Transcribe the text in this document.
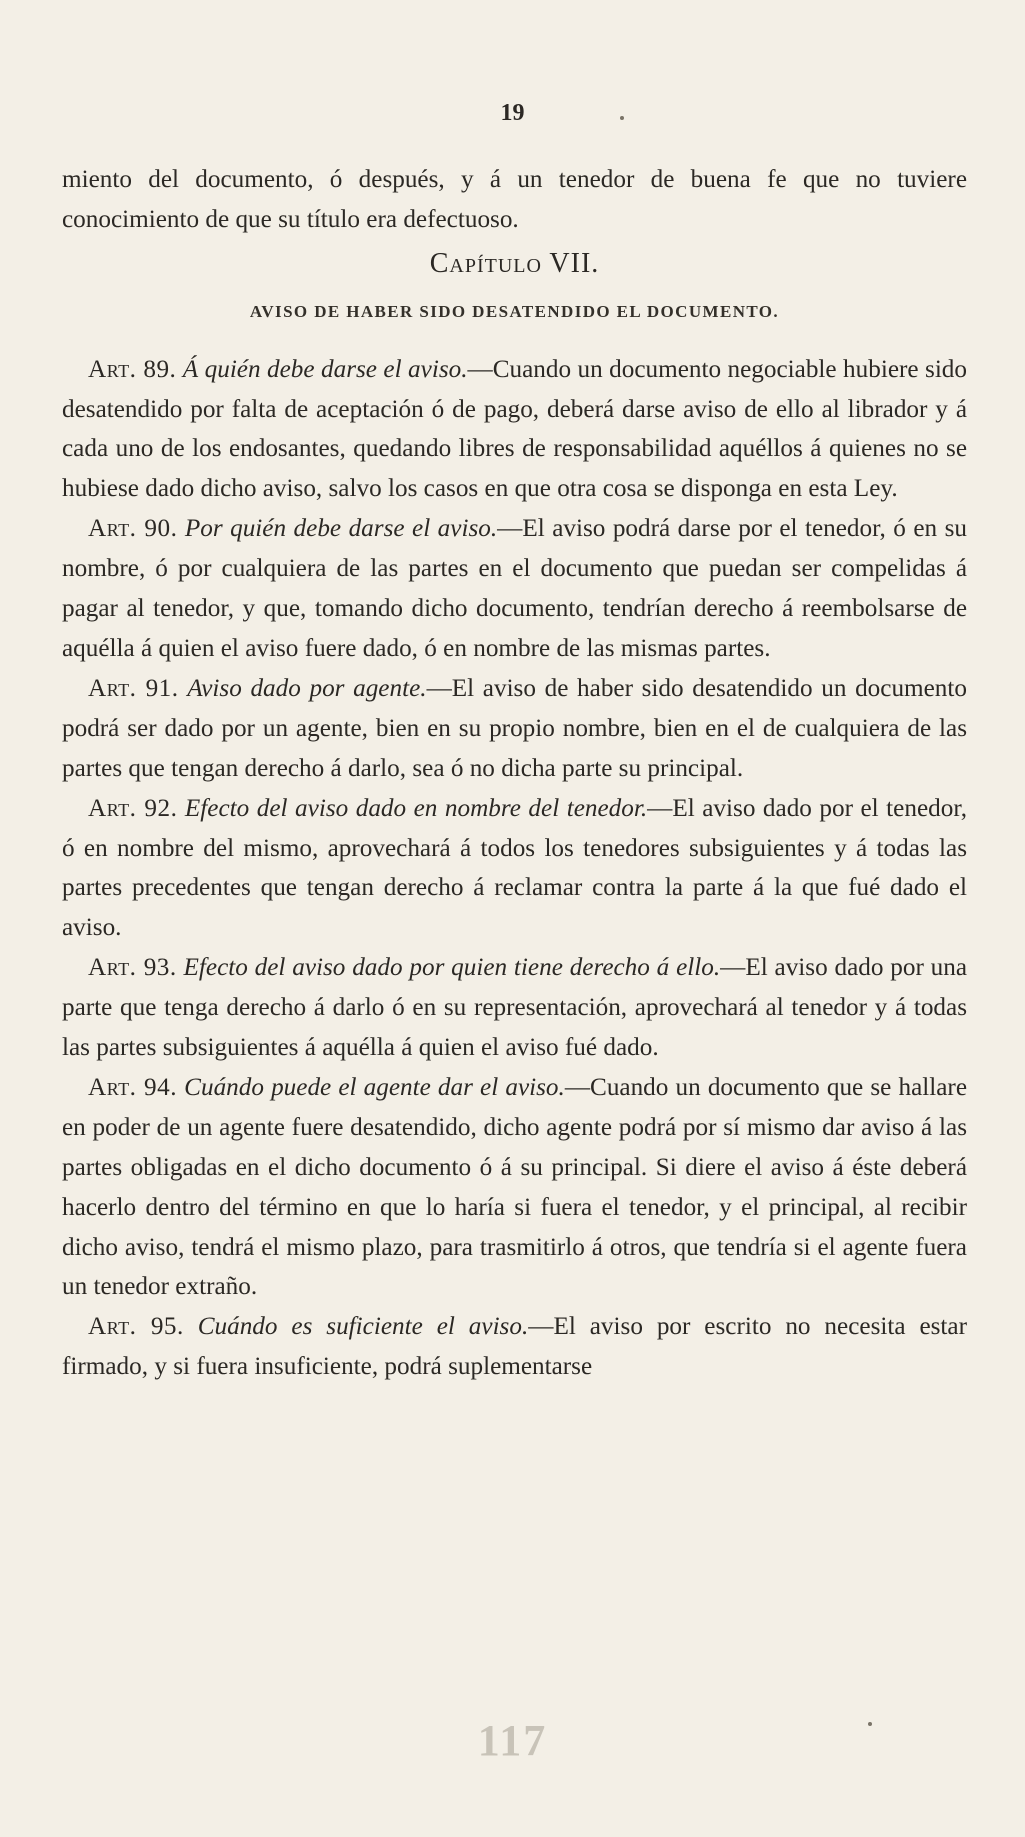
19

miento del documento, ó después, y á un tenedor de buena fe que no tuviere conocimiento de que su título era defectuoso.

Capítulo VII.
AVISO DE HABER SIDO DESATENDIDO EL DOCUMENTO.

Art. 89. Á quién debe darse el aviso.—Cuando un documento negociable hubiere sido desatendido por falta de aceptación ó de pago, deberá darse aviso de ello al librador y á cada uno de los endosantes, quedando libres de responsabilidad aquéllos á quienes no se hubiese dado dicho aviso, salvo los casos en que otra cosa se disponga en esta Ley.

Art. 90. Por quién debe darse el aviso.—El aviso podrá darse por el tenedor, ó en su nombre, ó por cualquiera de las partes en el documento que puedan ser compelidas á pagar al tenedor, y que, tomando dicho documento, tendrían derecho á reembolsarse de aquélla á quien el aviso fuere dado, ó en nombre de las mismas partes.

Art. 91. Aviso dado por agente.—El aviso de haber sido desatendido un documento podrá ser dado por un agente, bien en su propio nombre, bien en el de cualquiera de las partes que tengan derecho á darlo, sea ó no dicha parte su principal.

Art. 92. Efecto del aviso dado en nombre del tenedor.—El aviso dado por el tenedor, ó en nombre del mismo, aprovechará á todos los tenedores subsiguientes y á todas las partes precedentes que tengan derecho á reclamar contra la parte á la que fué dado el aviso.

Art. 93. Efecto del aviso dado por quien tiene derecho á ello.—El aviso dado por una parte que tenga derecho á darlo ó en su representación, aprovechará al tenedor y á todas las partes subsiguientes á aquélla á quien el aviso fué dado.

Art. 94. Cuándo puede el agente dar el aviso.—Cuando un documento que se hallare en poder de un agente fuere desatendido, dicho agente podrá por sí mismo dar aviso á las partes obligadas en el dicho documento ó á su principal. Si diere el aviso á éste deberá hacerlo dentro del término en que lo haría si fuera el tenedor, y el principal, al recibir dicho aviso, tendrá el mismo plazo, para trasmitirlo á otros, que tendría si el agente fuera un tenedor extraño.

Art. 95. Cuándo es suficiente el aviso.—El aviso por escrito no necesita estar firmado, y si fuera insuficiente, podrá suplementarse

117
